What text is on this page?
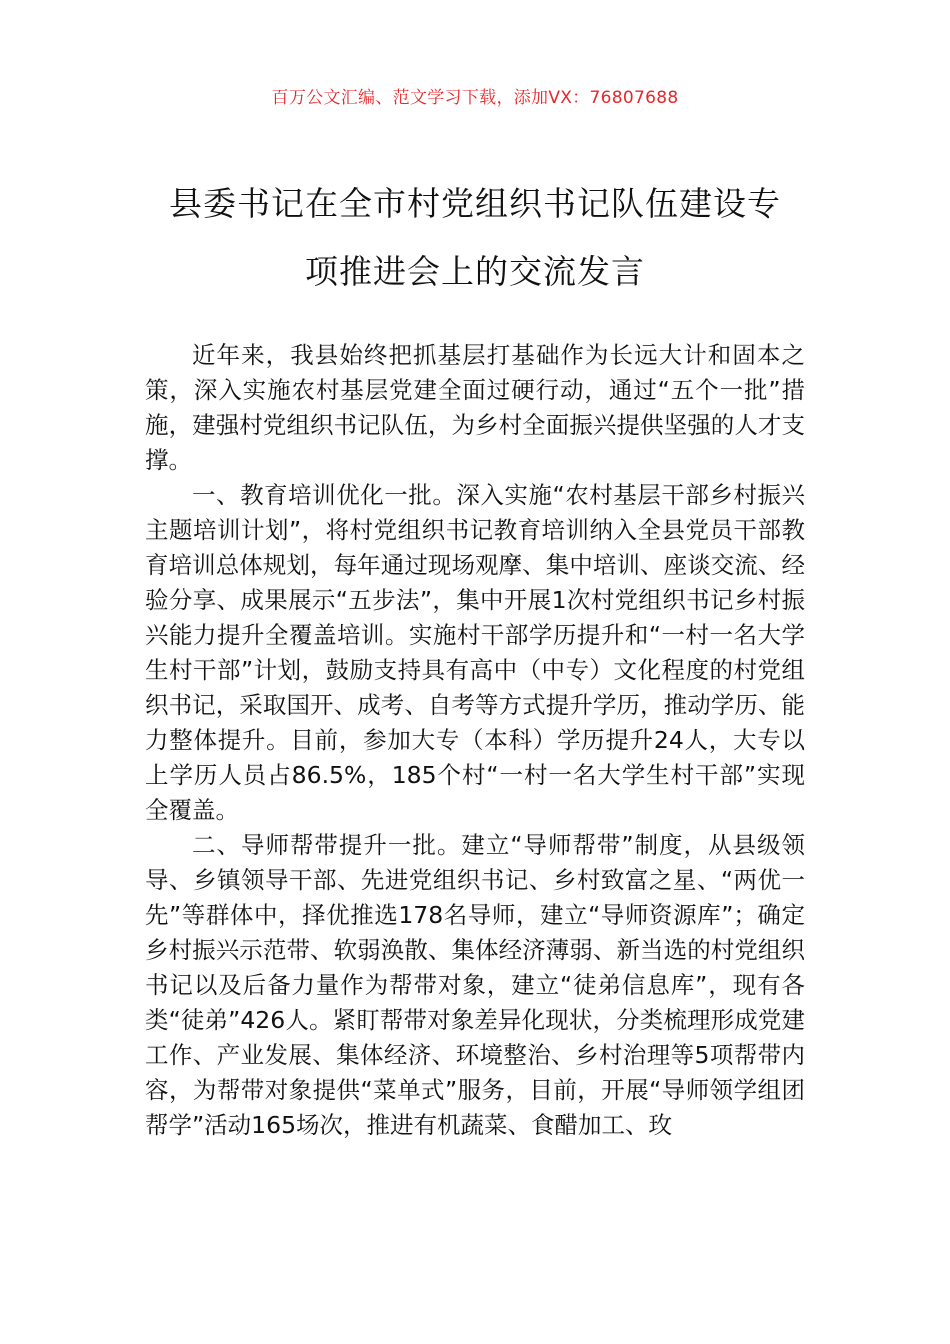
百万公文汇编、范文学习下载，添加VX：76807688
县委书记在全市村党组织书记队伍建设专
项推进会上的交流发言

近年来，我县始终把抓基层打基础作为长远大计和固本之策，深入实施农村基层党建全面过硬行动，通过“五个一批”措施，建强村党组织书记队伍，为乡村全面振兴提供坚强的人才支撑。

一、教育培训优化一批。深入实施“农村基层干部乡村振兴主题培训计划”，将村党组织书记教育培训纳入全县党员干部教育培训总体规划，每年通过现场观摩、集中培训、座谈交流、经验分享、成果展示“五步法”，集中开展1次村党组织书记乡村振兴能力提升全覆盖培训。实施村干部学历提升和“一村一名大学生村干部”计划，鼓励支持具有高中（中专）文化程度的村党组织书记，采取国开、成考、自考等方式提升学历，推动学历、能力整体提升。目前，参加大专（本科）学历提升24人，大专以上学历人员占86.5%，185个村“一村一名大学生村干部”实现全覆盖。

二、导师帮带提升一批。建立“导师帮带”制度，从县级领导、乡镇领导干部、先进党组织书记、乡村致富之星、“两优一先”等群体中，择优推选178名导师，建立“导师资源库”；确定乡村振兴示范带、软弱涣散、集体经济薄弱、新当选的村党组织书记以及后备力量作为帮带对象，建立“徒弟信息库”，现有各类“徒弟”426人。紧盯帮带对象差异化现状，分类梳理形成党建工作、产业发展、集体经济、环境整治、乡村治理等5项帮带内容，为帮带对象提供“菜单式”服务，目前，开展“导师领学组团帮学”活动165场次，推进有机蔬菜、食醋加工、玫
